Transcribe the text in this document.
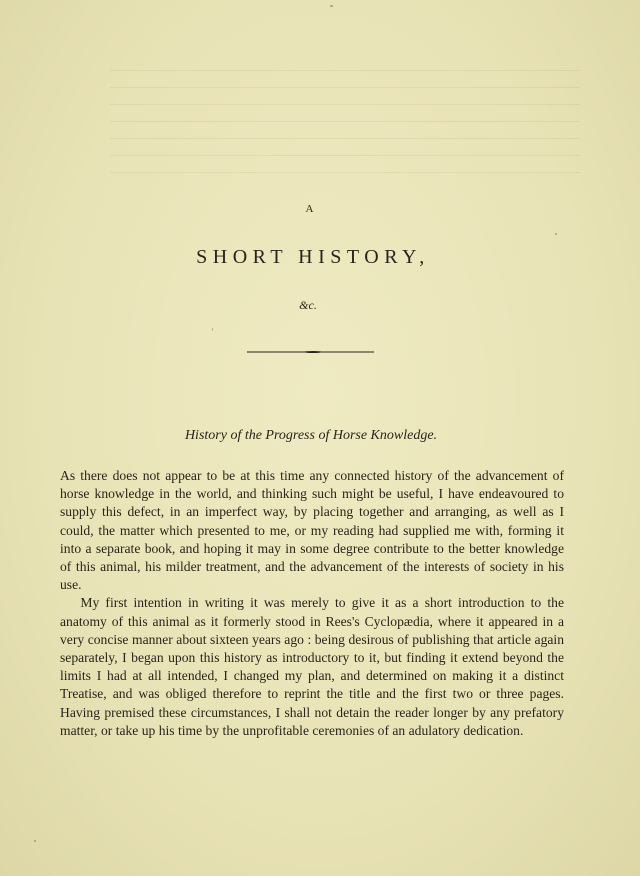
A
SHORT HISTORY,
&c.
History of the Progress of Horse Knowledge.

As there does not appear to be at this time any connected history of the advancement of horse knowledge in the world, and thinking such might be useful, I have endeavoured to supply this defect, in an imperfect way, by placing together and arranging, as well as I could, the matter which presented to me, or my reading had supplied me with, forming it into a separate book, and hoping it may in some degree contribute to the better knowledge of this animal, his milder treatment, and the advancement of the interests of society in his use.

My first intention in writing it was merely to give it as a short introduction to the anatomy of this animal as it formerly stood in Rees's Cyclopædia, where it appeared in a very concise manner about sixteen years ago : being desirous of publishing that article again separately, I began upon this history as introductory to it, but finding it extend beyond the limits I had at all intended, I changed my plan, and determined on making it a distinct Treatise, and was obliged therefore to reprint the title and the first two or three pages. Having premised these circumstances, I shall not detain the reader longer by any prefatory matter, or take up his time by the unprofitable ceremonies of an adulatory dedication.
